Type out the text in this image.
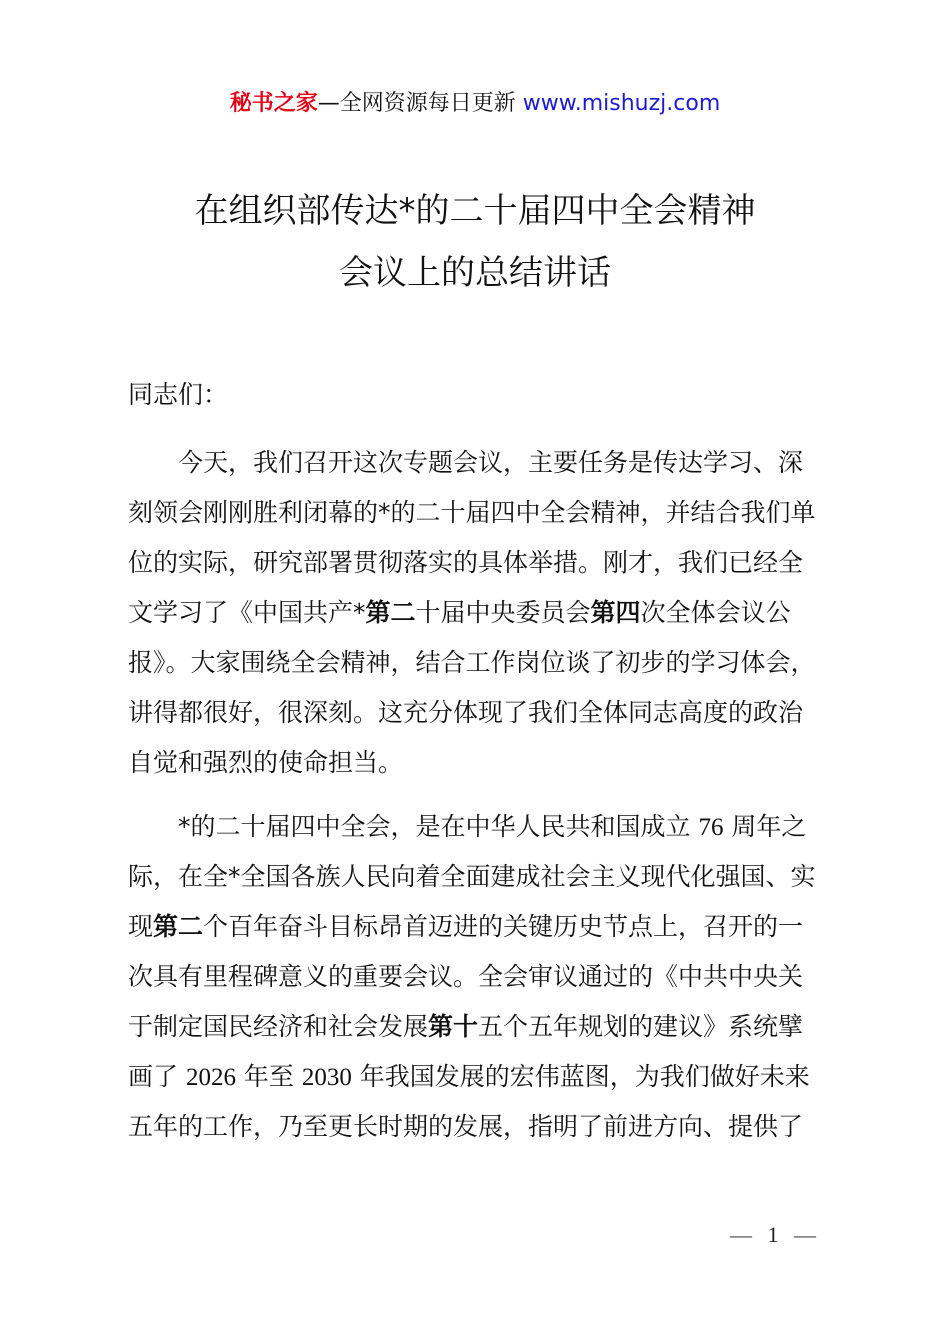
秘书之家—全网资源每日更新 www.mishuzj.com
在组织部传达*的二十届四中全会精神
会议上的总结讲话
同志们：
今天，我们召开这次专题会议，主要任务是传达学习、深
刻领会刚刚胜利闭幕的*的二十届四中全会精神，并结合我们单
位的实际，研究部署贯彻落实的具体举措。刚才，我们已经全
文学习了《中国共产*第二十届中央委员会第四次全体会议公
报》。大家围绕全会精神，结合工作岗位谈了初步的学习体会，
讲得都很好，很深刻。这充分体现了我们全体同志高度的政治
自觉和强烈的使命担当。
*的二十届四中全会，是在中华人民共和国成立 76 周年之
际，在全*全国各族人民向着全面建成社会主义现代化强国、实
现第二个百年奋斗目标昂首迈进的关键历史节点上，召开的一
次具有里程碑意义的重要会议。全会审议通过的《中共中央关
于制定国民经济和社会发展第十五个五年规划的建议》系统擘
画了 2026 年至 2030 年我国发展的宏伟蓝图，为我们做好未来
五年的工作，乃至更长时期的发展，指明了前进方向、提供了
— 1 —
